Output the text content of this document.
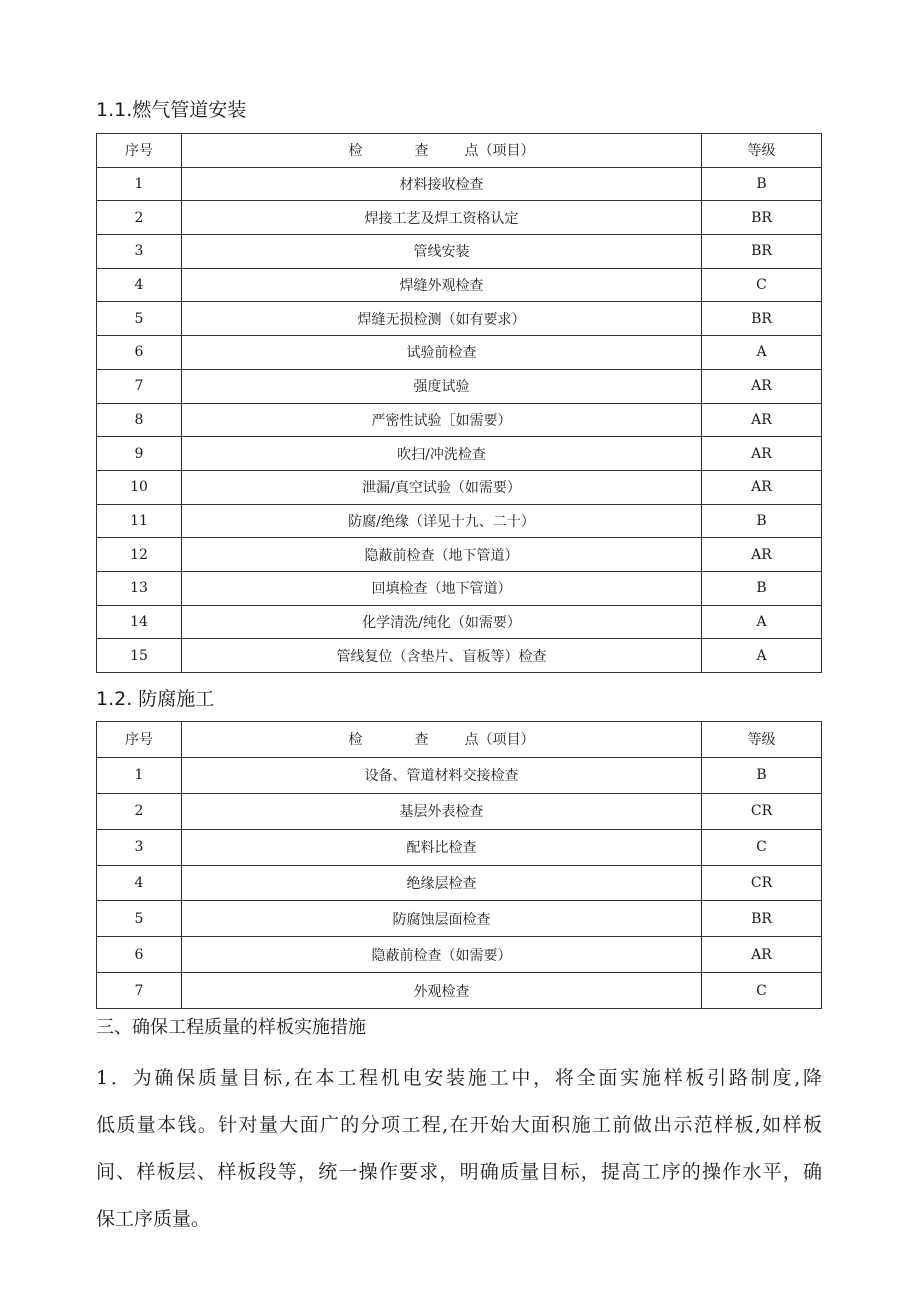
1.1.燃气管道安装
序号	检 查 点（项目）	等级
1	材料接收检查	B
2	焊接工艺及焊工资格认定	BR
3	管线安装	BR
4	焊缝外观检查	C
5	焊缝无损检测（如有要求）	BR
6	试验前检查	A
7	强度试验	AR
8	严密性试验［如需要）	AR
9	吹扫/冲洗检查	AR
10	泄漏/真空试验（如需要）	AR
11	防腐/绝缘（详见十九、二十）	B
12	隐蔽前检查（地下管道）	AR
13	回填检查（地下管道）	B
14	化学清洗/纯化（如需要）	A
15	管线复位（含垫片、盲板等）检查	A
1.2. 防腐施工
序号	检 查 点（项目）	等级
1	设备、管道材料交接检查	B
2	基层外表检查	CR
3	配料比检查	C
4	绝缘层检查	CR
5	防腐蚀层面检查	BR
6	隐蔽前检查（如需要）	AR
7	外观检查	C
三、确保工程质量的样板实施措施
1．为确保质量目标,在本工程机电安装施工中，将全面实施样板引路制度,降
低质量本钱。针对量大面广的分项工程,在开始大面积施工前做出示范样板,如样板
间、样板层、样板段等，统一操作要求，明确质量目标，提高工序的操作水平，确
保工序质量。
